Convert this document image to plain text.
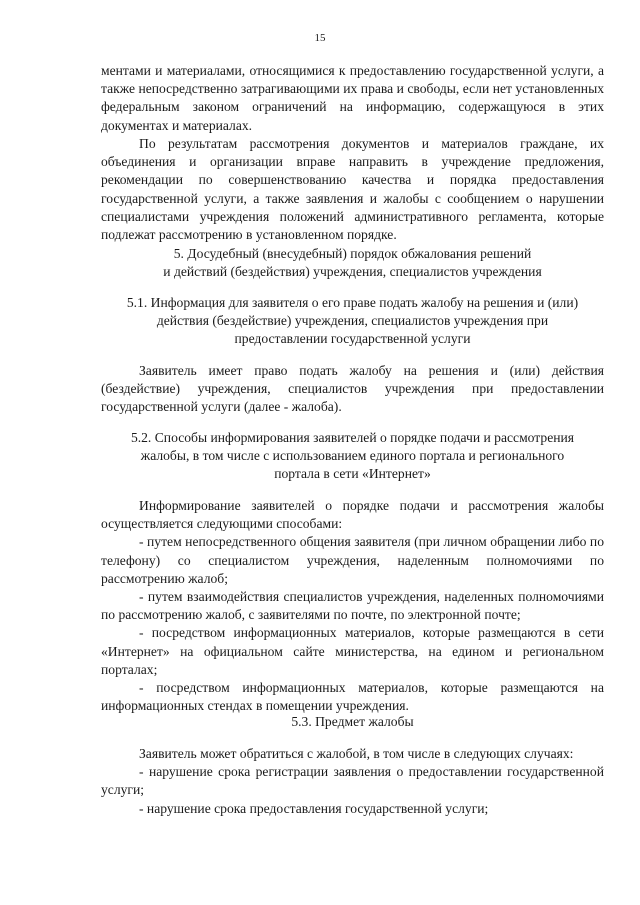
15

ментами и материалами, относящимися к предоставлению государственной услуги, а также непосредственно затрагивающими их права и свободы, если нет установленных федеральным законом ограничений на информацию, содержащуюся в этих документах и материалах.

По результатам рассмотрения документов и материалов граждане, их объединения и организации вправе направить в учреждение предложения, рекомендации по совершенствованию качества и порядка предоставления государственной услуги, а также заявления и жалобы с сообщением о нарушении специалистами учреждения положений административного регламента, которые подлежат рассмотрению в установленном порядке.

5. Досудебный (внесудебный) порядок обжалования решений

и действий (бездействия) учреждения, специалистов учреждения

5.1. Информация для заявителя о его праве подать жалобу на решения и (или)

действия (бездействие) учреждения, специалистов учреждения при

предоставлении государственной услуги

Заявитель имеет право подать жалобу на решения и (или) действия (бездействие) учреждения, специалистов учреждения при предоставлении государственной услуги (далее - жалоба).

5.2. Способы информирования заявителей о порядке подачи и рассмотрения

жалобы, в том числе с использованием единого портала и регионального

портала в сети «Интернет»

Информирование заявителей о порядке подачи и рассмотрения жалобы осуществляется следующими способами:

- путем непосредственного общения заявителя (при личном обращении либо по телефону) со специалистом учреждения, наделенным полномочиями по рассмотрению жалоб;

- путем взаимодействия специалистов учреждения, наделенных полномочиями по рассмотрению жалоб, с заявителями по почте, по электронной почте;

- посредством информационных материалов, которые размещаются в сети «Интернет» на официальном сайте министерства, на едином и региональном порталах;

- посредством информационных материалов, которые размещаются на информационных стендах в помещении учреждения.

5.3. Предмет жалобы

Заявитель может обратиться с жалобой, в том числе в следующих случаях:

- нарушение срока регистрации заявления о предоставлении государственной услуги;

- нарушение срока предоставления государственной услуги;
